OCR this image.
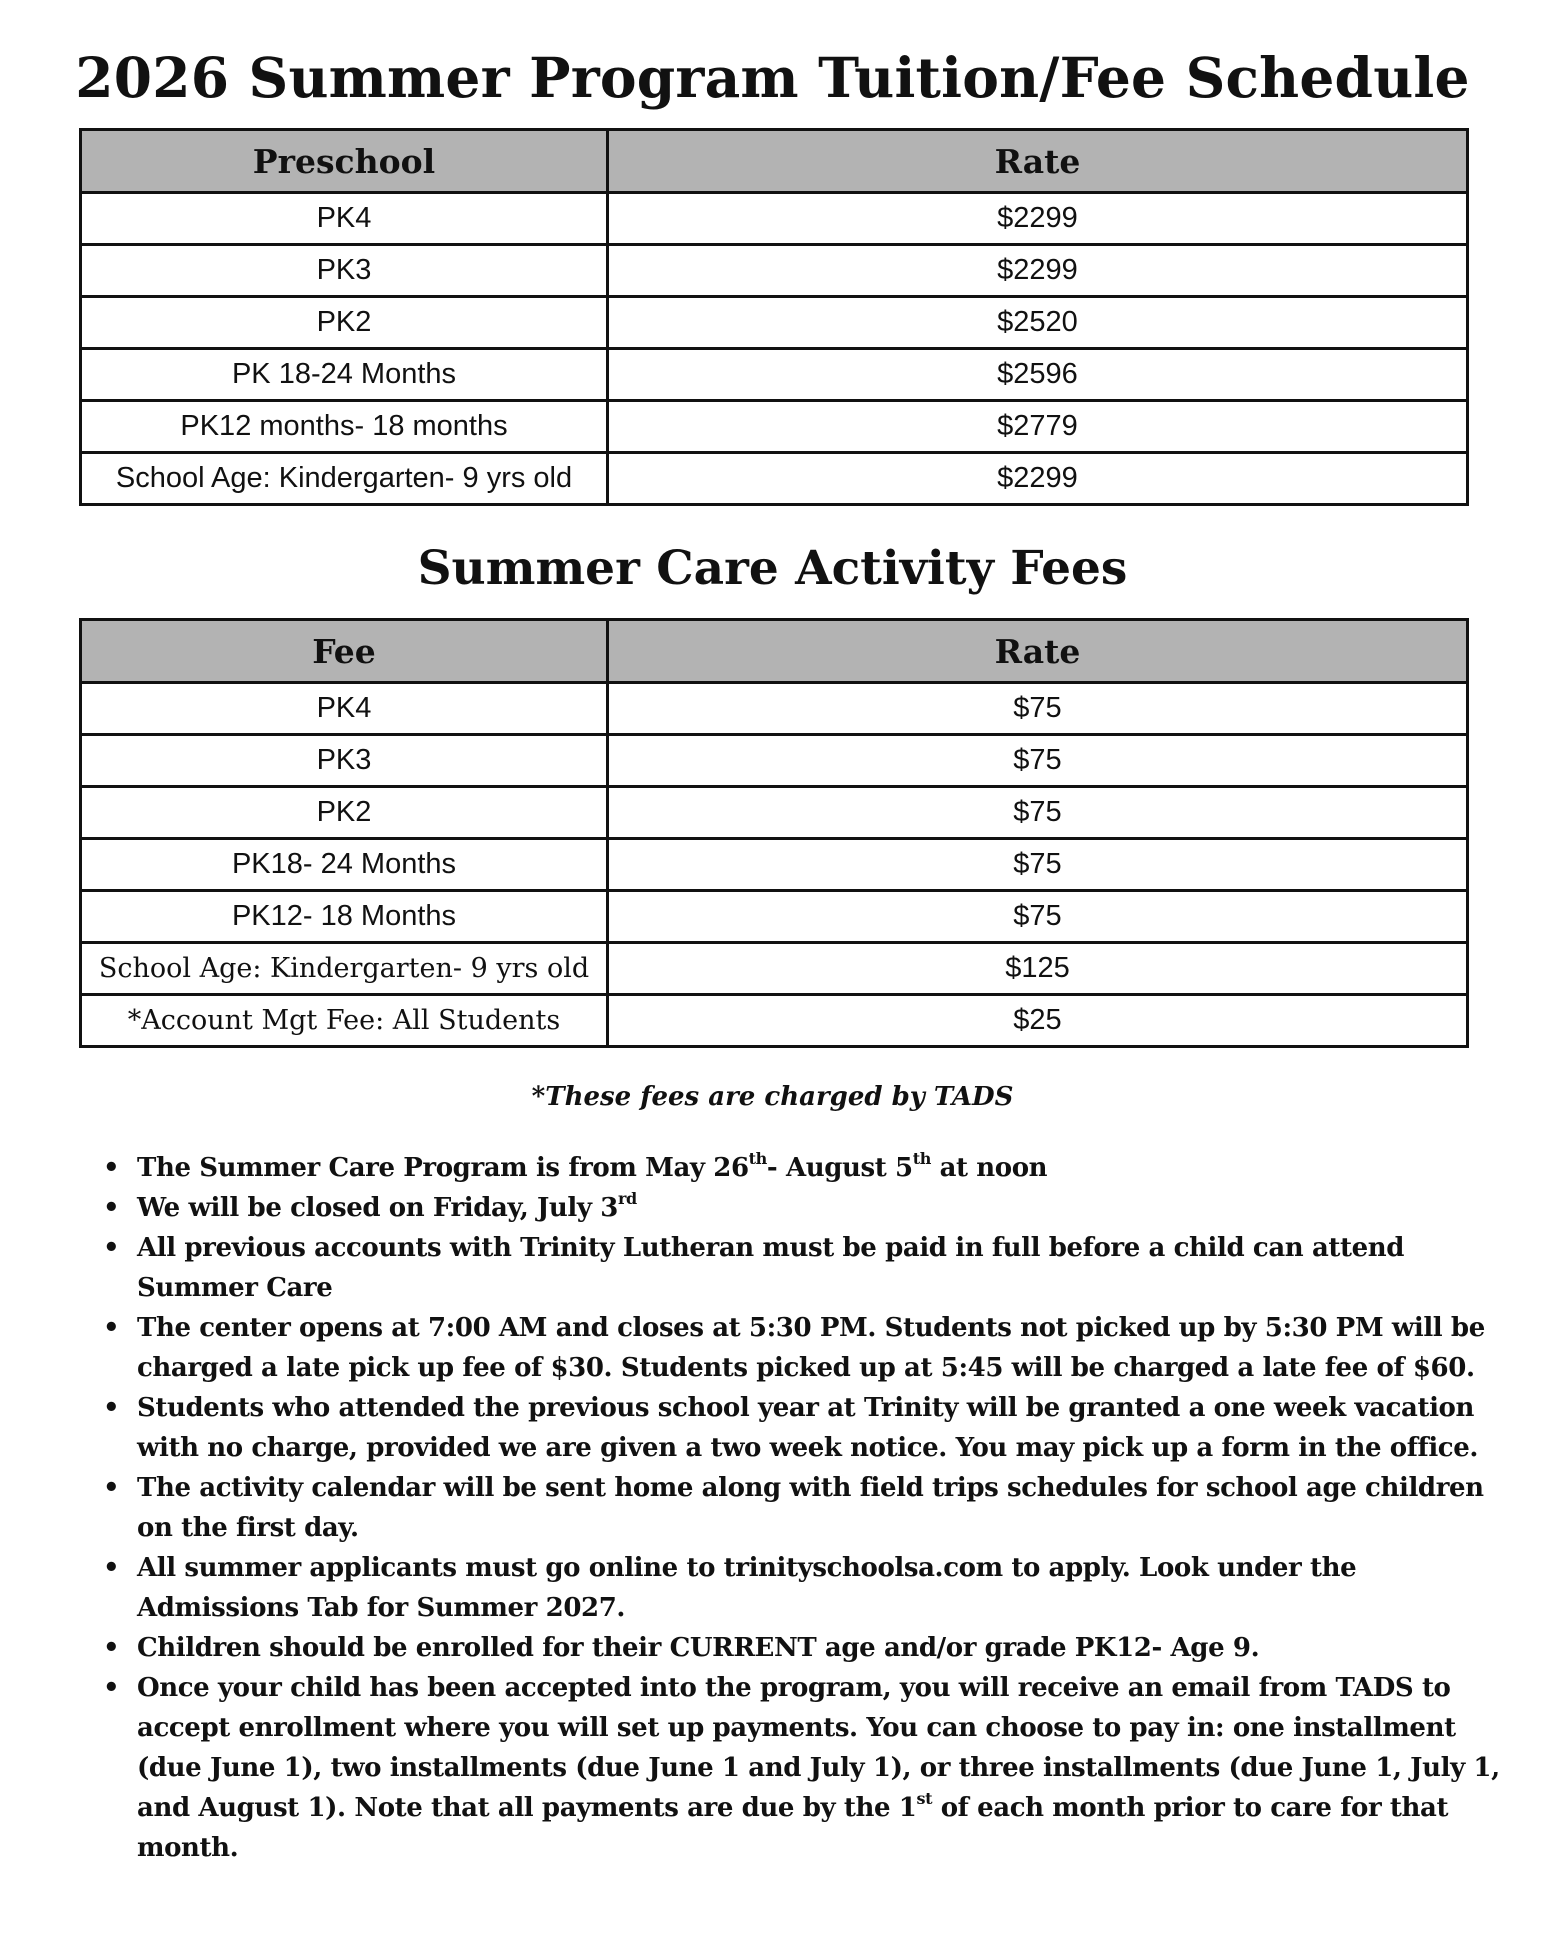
2026 Summer Program Tuition/Fee Schedule
Preschool	Rate
PK4	$2299
PK3	$2299
PK2	$2520
PK 18-24 Months	$2596
PK12 months- 18 months	$2779
School Age: Kindergarten- 9 yrs old	$2299
Summer Care Activity Fees
Fee	Rate
PK4	$75
PK3	$75
PK2	$75
PK18- 24 Months	$75
PK12- 18 Months	$75
School Age: Kindergarten- 9 yrs old	$125
*Account Mgt Fee: All Students	$25
*These fees are charged by TADS
• The Summer Care Program is from May 26th- August 5th at noon
• We will be closed on Friday, July 3rd
• All previous accounts with Trinity Lutheran must be paid in full before a child can attend Summer Care
• The center opens at 7:00 AM and closes at 5:30 PM. Students not picked up by 5:30 PM will be charged a late pick up fee of $30. Students picked up at 5:45 will be charged a late fee of $60.
• Students who attended the previous school year at Trinity will be granted a one week vacation with no charge, provided we are given a two week notice. You may pick up a form in the office.
• The activity calendar will be sent home along with field trips schedules for school age children on the first day.
• All summer applicants must go online to trinityschoolsa.com to apply. Look under the Admissions Tab for Summer 2027.
• Children should be enrolled for their CURRENT age and/or grade PK12- Age 9.
• Once your child has been accepted into the program, you will receive an email from TADS to accept enrollment where you will set up payments. You can choose to pay in: one installment (due June 1), two installments (due June 1 and July 1), or three installments (due June 1, July 1, and August 1). Note that all payments are due by the 1st of each month prior to care for that month.
